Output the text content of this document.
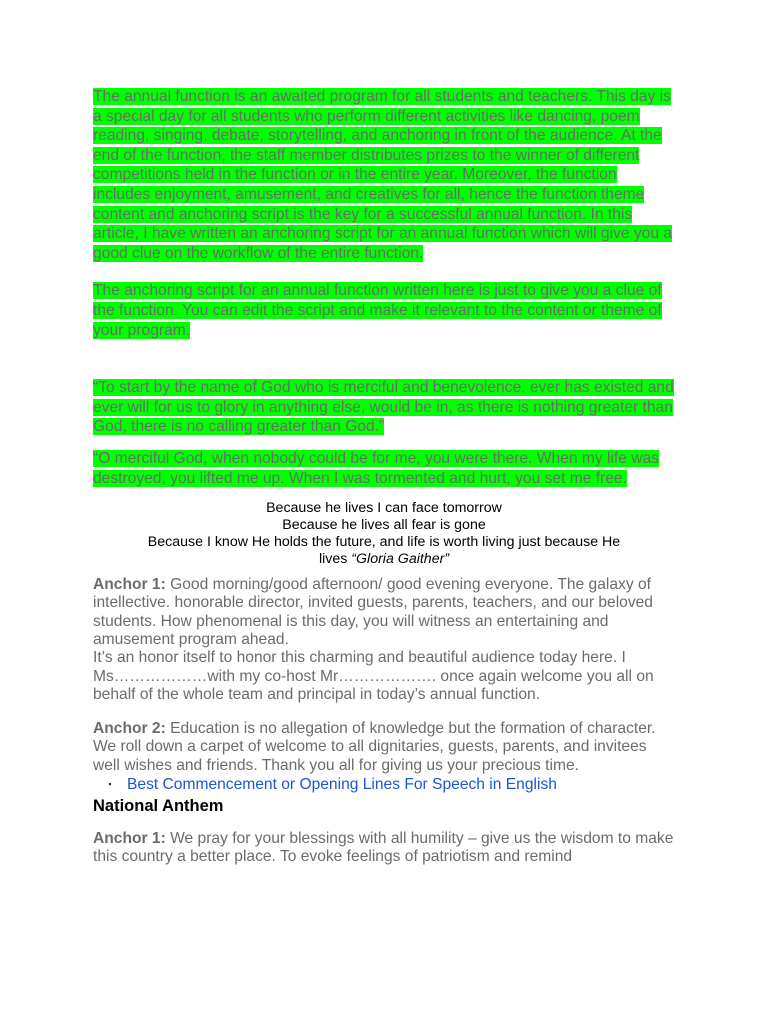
The annual function is an awaited program for all students and teachers. This day is a special day for all students who perform different activities like dancing, poem reading, singing, debate, storytelling, and anchoring in front of the audience. At the end of the function, the staff member distributes prizes to the winner of different competitions held in the function or in the entire year. Moreover, the function includes enjoyment, amusement, and creatives for all, hence the function theme content and anchoring script is the key for a successful annual function. In this article, I have written an anchoring script for an annual function which will give you a good clue on the workflow of the entire function.

The anchoring script for an annual function written here is just to give you a clue of the function. You can edit the script and make it relevant to the content or theme of your program.

“To start by the name of God who is merciful and benevolence, ever has existed and ever will for us to glory in anything else, would be in, as there is nothing greater than God, there is no calling greater than God.”

“O merciful God, when nobody could be for me, you were there. When my life was destroyed, you lifted me up. When I was tormented and hurt, you set me free.

Because he lives I can face tomorrow
Because he lives all fear is gone
Because I know He holds the future, and life is worth living just because He
lives “Gloria Gaither”

Anchor 1: Good morning/good afternoon/ good evening everyone. The galaxy of intellective. honorable director, invited guests, parents, teachers, and our beloved students. How phenomenal is this day, you will witness an entertaining and amusement program ahead.

It’s an honor itself to honor this charming and beautiful audience today here. I Ms………………with my co-host Mr………………. once again welcome you all on behalf of the whole team and principal in today’s annual function.

Anchor 2: Education is no allegation of knowledge but the formation of character. We roll down a carpet of welcome to all dignitaries, guests, parents, and invitees well wishes and friends. Thank you all for giving us your precious time.

▪ Best Commencement or Opening Lines For Speech in English
National Anthem

Anchor 1: We pray for your blessings with all humility – give us the wisdom to make this country a better place. To evoke feelings of patriotism and remind
